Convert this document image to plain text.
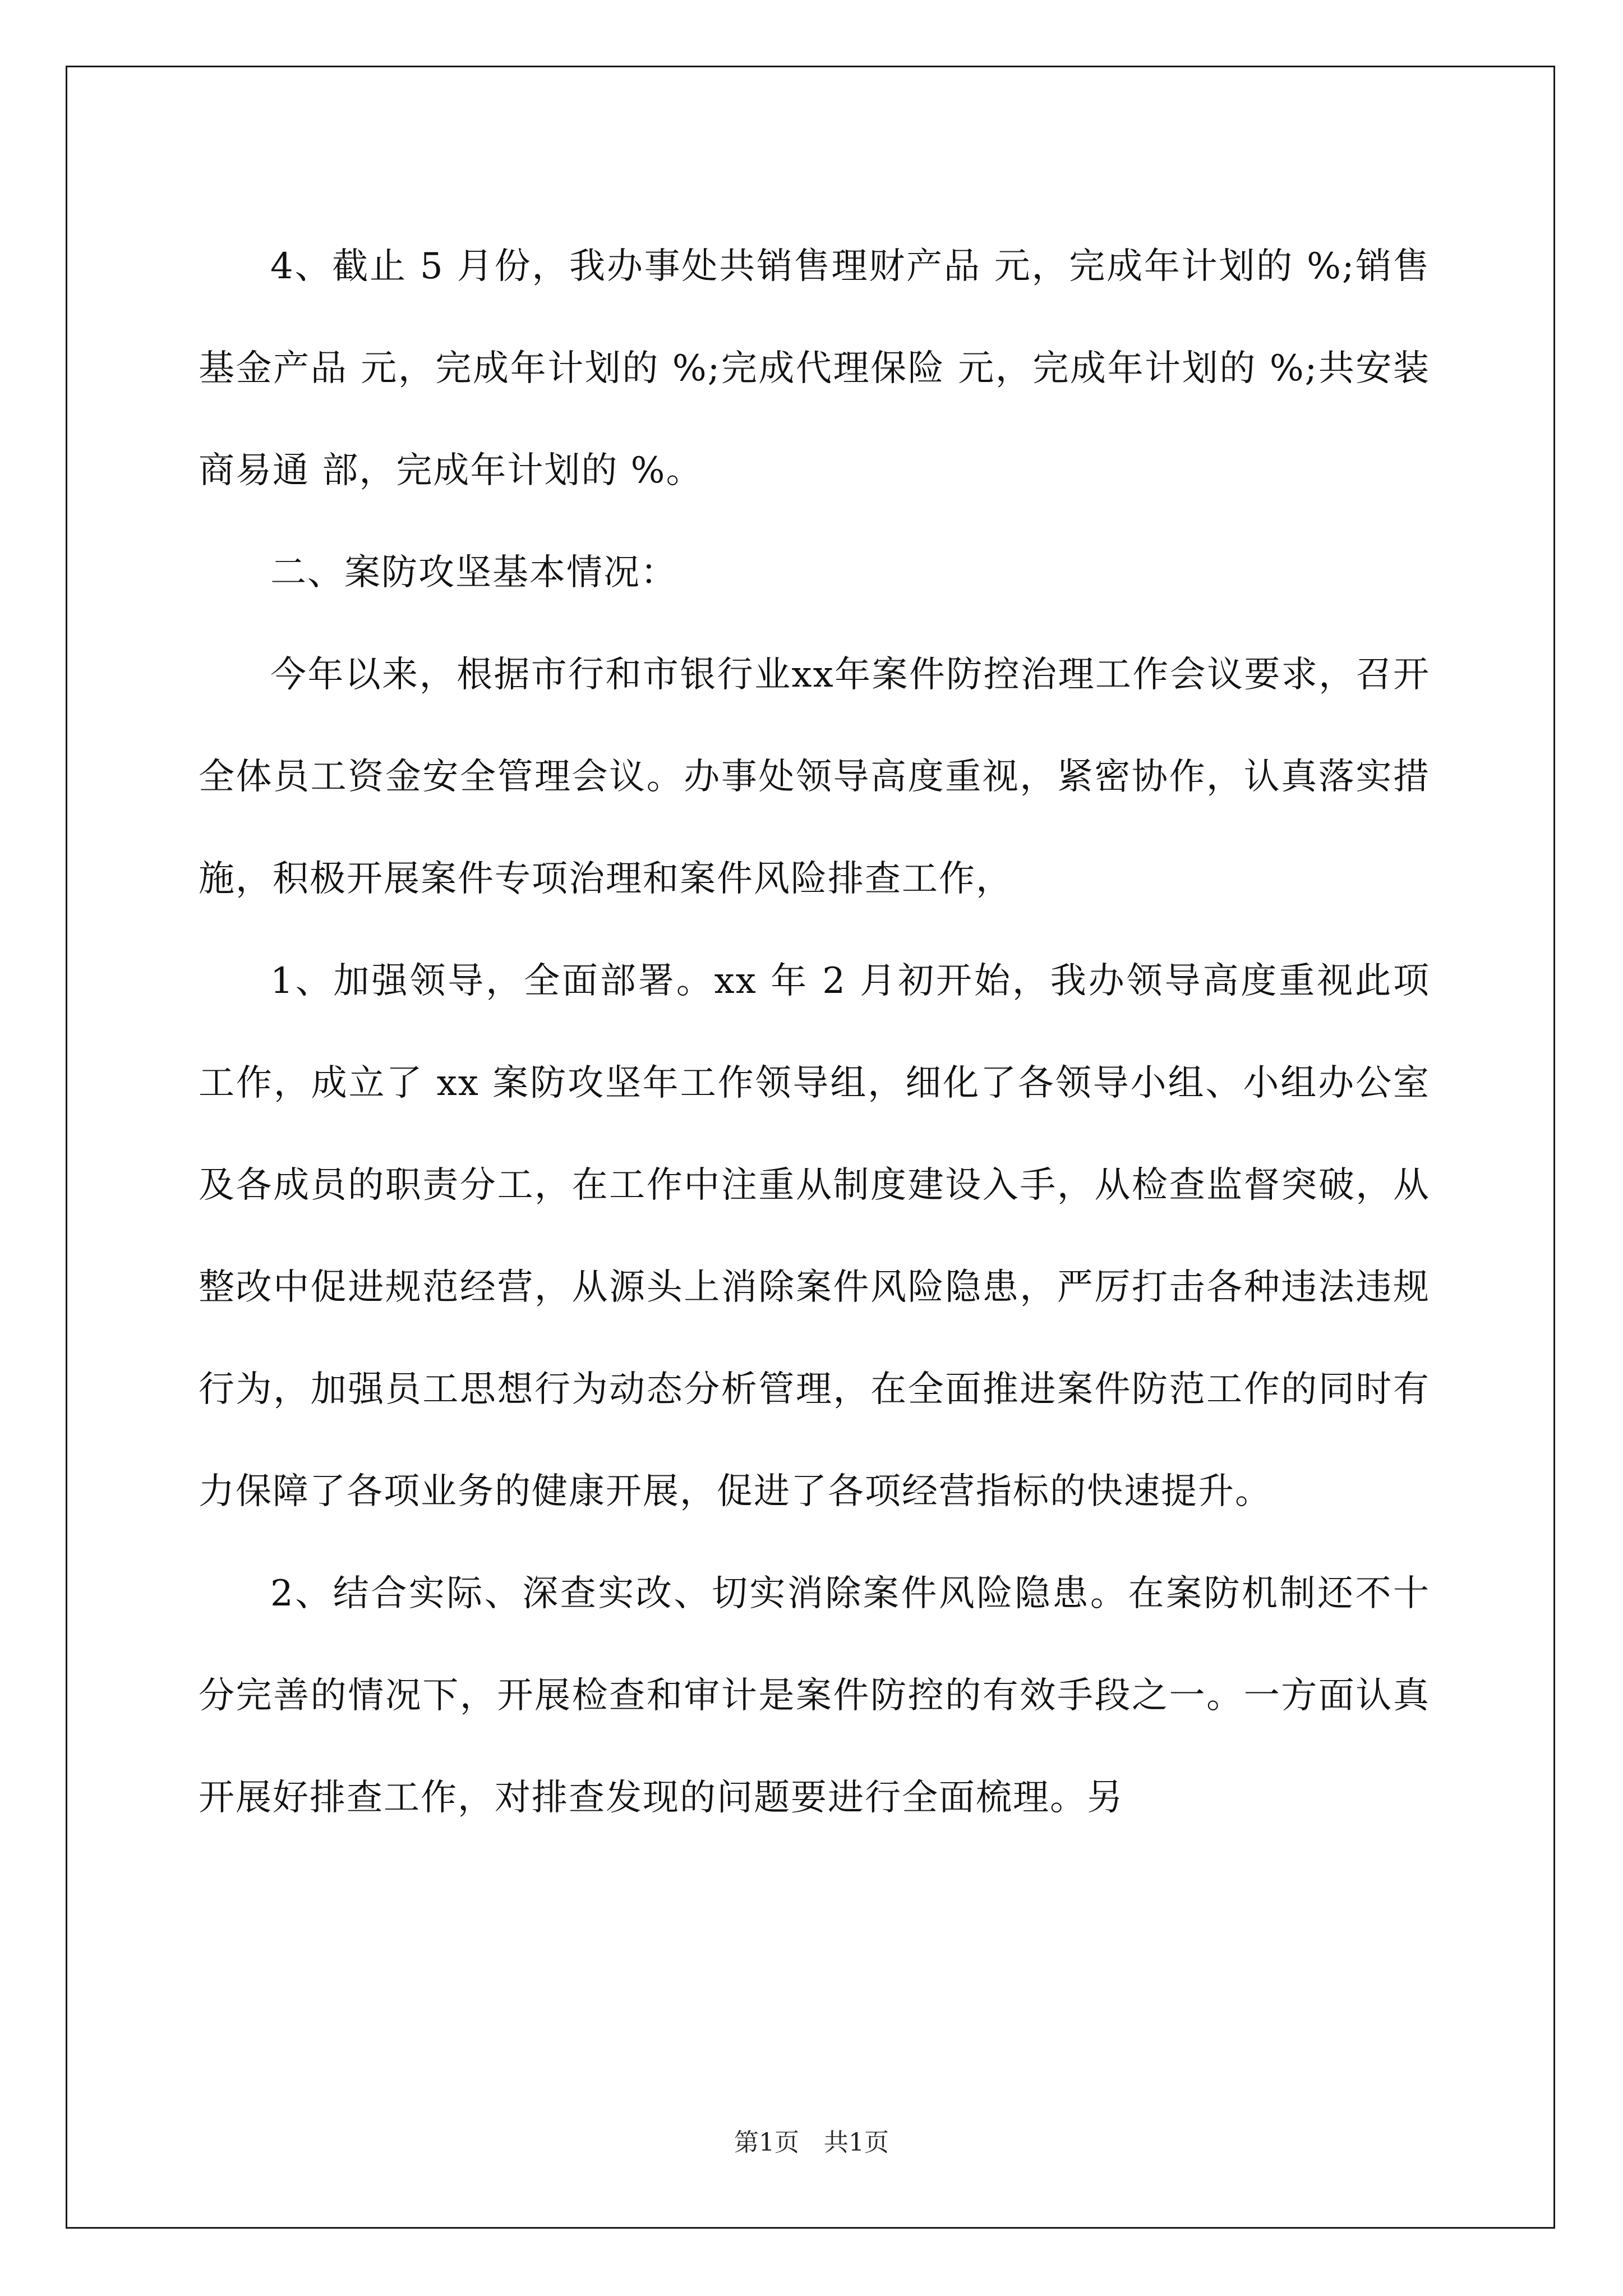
4、截止 5 月份，我办事处共销售理财产品 元，完成年计划的 %;销售基金产品 元，完成年计划的 %;完成代理保险 元，完成年计划的 %;共安装商易通 部，完成年计划的 %。

二、案防攻坚基本情况：

今年以来，根据市行和市银行业xx年案件防控治理工作会议要求，召开全体员工资金安全管理会议。办事处领导高度重视，紧密协作，认真落实措施，积极开展案件专项治理和案件风险排查工作，

1、加强领导，全面部署。xx 年 2 月初开始，我办领导高度重视此项工作，成立了 xx 案防攻坚年工作领导组，细化了各领导小组、小组办公室及各成员的职责分工，在工作中注重从制度建设入手，从检查监督突破，从整改中促进规范经营，从源头上消除案件风险隐患，严厉打击各种违法违规行为，加强员工思想行为动态分析管理，在全面推进案件防范工作的同时有力保障了各项业务的健康开展，促进了各项经营指标的快速提升。

2、结合实际、深查实改、切实消除案件风险隐患。在案防机制还不十分完善的情况下，开展检查和审计是案件防控的有效手段之一。一方面认真开展好排查工作，对排查发现的问题要进行全面梳理。另

第1页 共1页
